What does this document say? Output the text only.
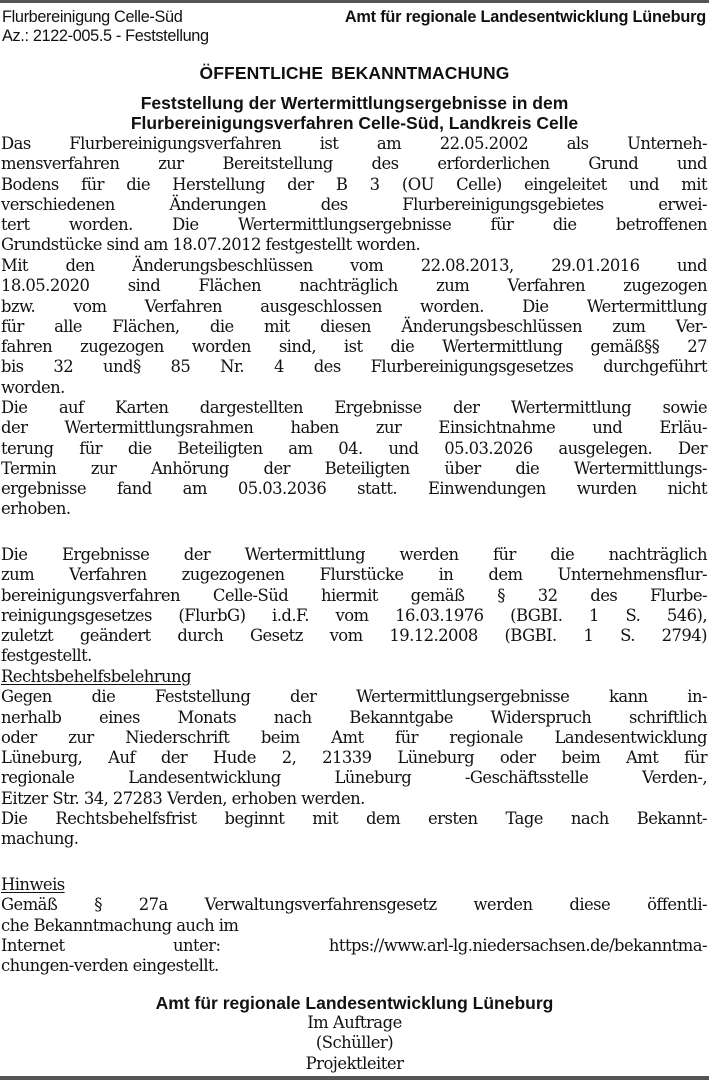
Flurbereinigung Celle-Süd
Az.: 2122-005.5 - Feststellung
Amt für regionale Landesentwicklung Lüneburg
ÖFFENTLICHE BEKANNTMACHUNG
Feststellung der Wertermittlungsergebnisse in dem
Flurbereinigungsverfahren Celle-Süd, Landkreis Celle
Das Flurbereinigungsverfahren ist am 22.05.2002 als Unterneh-
mensverfahren zur Bereitstellung des erforderlichen Grund und
Bodens für die Herstellung der B 3 (OU Celle) eingeleitet und mit
verschiedenen Änderungen des Flurbereinigungsgebietes erwei-
tert worden. Die Wertermittlungsergebnisse für die betroffenen
Grundstücke sind am 18.07.2012 festgestellt worden.
Mit den Änderungsbeschlüssen vom 22.08.2013, 29.01.2016 und
18.05.2020 sind Flächen nachträglich zum Verfahren zugezogen
bzw. vom Verfahren ausgeschlossen worden. Die Wertermittlung
für alle Flächen, die mit diesen Änderungsbeschlüssen zum Ver-
fahren zugezogen worden sind, ist die Wertermittlung gemäß§§ 27
bis 32 und§ 85 Nr. 4 des Flurbereinigungsgesetzes durchgeführt
worden.
Die auf Karten dargestellten Ergebnisse der Wertermittlung sowie
der Wertermittlungsrahmen haben zur Einsichtnahme und Erläu-
terung für die Beteiligten am 04. und 05.03.2026 ausgelegen. Der
Termin zur Anhörung der Beteiligten über die Wertermittlungs-
ergebnisse fand am 05.03.2036 statt. Einwendungen wurden nicht
erhoben.
Die Ergebnisse der Wertermittlung werden für die nachträglich
zum Verfahren zugezogenen Flurstücke in dem Unternehmensflur-
bereinigungsverfahren Celle-Süd hiermit gemäß § 32 des Flurbe-
reinigungsgesetzes (FlurbG) i.d.F. vom 16.03.1976 (BGBI. 1 S. 546),
zuletzt geändert durch Gesetz vom 19.12.2008 (BGBI. 1 S. 2794)
festgestellt.
Rechtsbehelfsbelehrung
Gegen die Feststellung der Wertermittlungsergebnisse kann in-
nerhalb eines Monats nach Bekanntgabe Widerspruch schriftlich
oder zur Niederschrift beim Amt für regionale Landesentwicklung
Lüneburg, Auf der Hude 2, 21339 Lüneburg oder beim Amt für
regionale Landesentwicklung Lüneburg -Geschäftsstelle Verden-,
Eitzer Str. 34, 27283 Verden, erhoben werden.
Die Rechtsbehelfsfrist beginnt mit dem ersten Tage nach Bekannt-
machung.
Hinweis
Gemäß § 27a Verwaltungsverfahrensgesetz werden diese öffentli-
che Bekanntmachung auch im
Internet unter: https://www.arl-lg.niedersachsen.de/bekanntma-
chungen-verden eingestellt.
Amt für regionale Landesentwicklung Lüneburg
Im Auftrage
(Schüller)
Projektleiter
